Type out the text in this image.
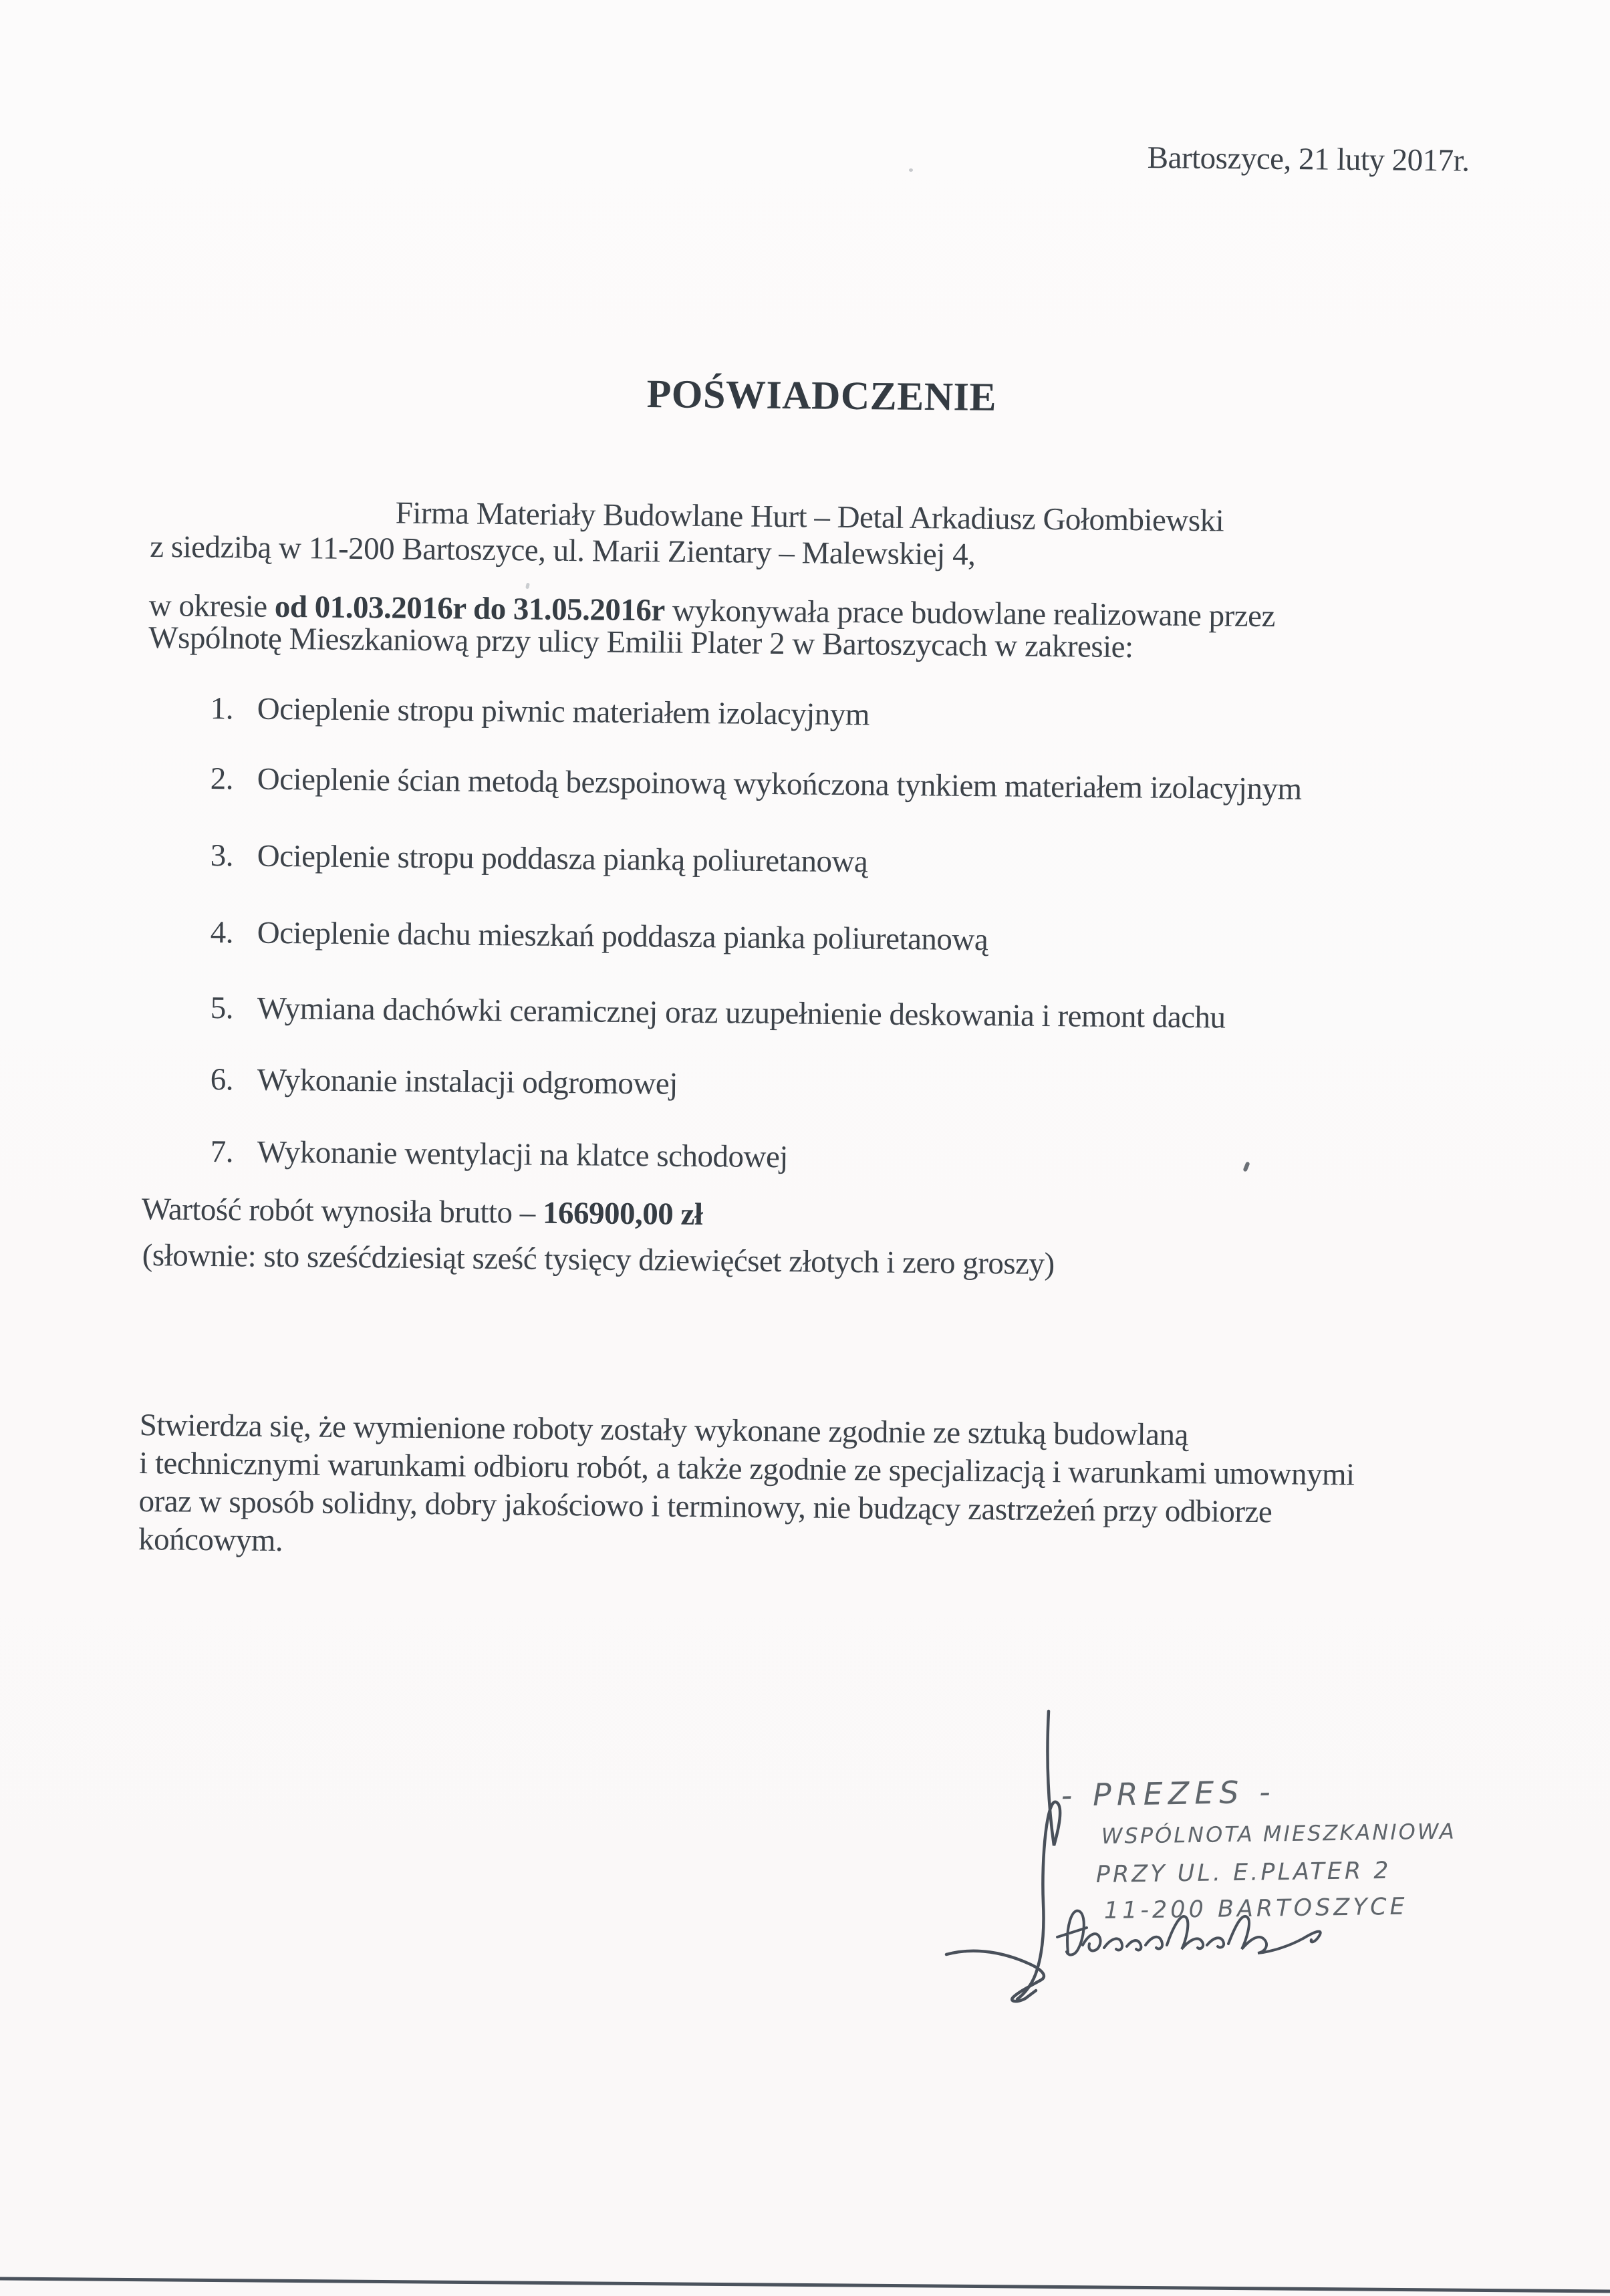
Bartoszyce, 21 luty 2017r.
POŚWIADCZENIE
Firma Materiały Budowlane Hurt – Detal Arkadiusz Gołombiewski
z siedzibą w 11-200 Bartoszyce, ul. Marii Zientary – Malewskiej 4,
w okresie od 01.03.2016r do 31.05.2016r wykonywała prace budowlane realizowane przez
Wspólnotę Mieszkaniową przy ulicy Emilii Plater 2 w Bartoszycach w zakresie:
1. Ocieplenie stropu piwnic materiałem izolacyjnym
2. Ocieplenie ścian metodą bezspoinową wykończona tynkiem materiałem izolacyjnym
3. Ocieplenie stropu poddasza pianką poliuretanową
4. Ocieplenie dachu mieszkań poddasza pianka poliuretanową
5. Wymiana dachówki ceramicznej oraz uzupełnienie deskowania i remont dachu
6. Wykonanie instalacji odgromowej
7. Wykonanie wentylacji na klatce schodowej
Wartość robót wynosiła brutto – 166900,00 zł
(słownie: sto sześćdziesiąt sześć tysięcy dziewięćset złotych i zero groszy)
Stwierdza się, że wymienione roboty zostały wykonane zgodnie ze sztuką budowlaną
i technicznymi warunkami odbioru robót, a także zgodnie ze specjalizacją i warunkami umownymi
oraz w sposób solidny, dobry jakościowo i terminowy, nie budzący zastrzeżeń przy odbiorze
końcowym.
- PREZES -
WSPÓLNOTA MIESZKANIOWA
PRZY UL. E.PLATER 2
11-200 BARTOSZYCE
